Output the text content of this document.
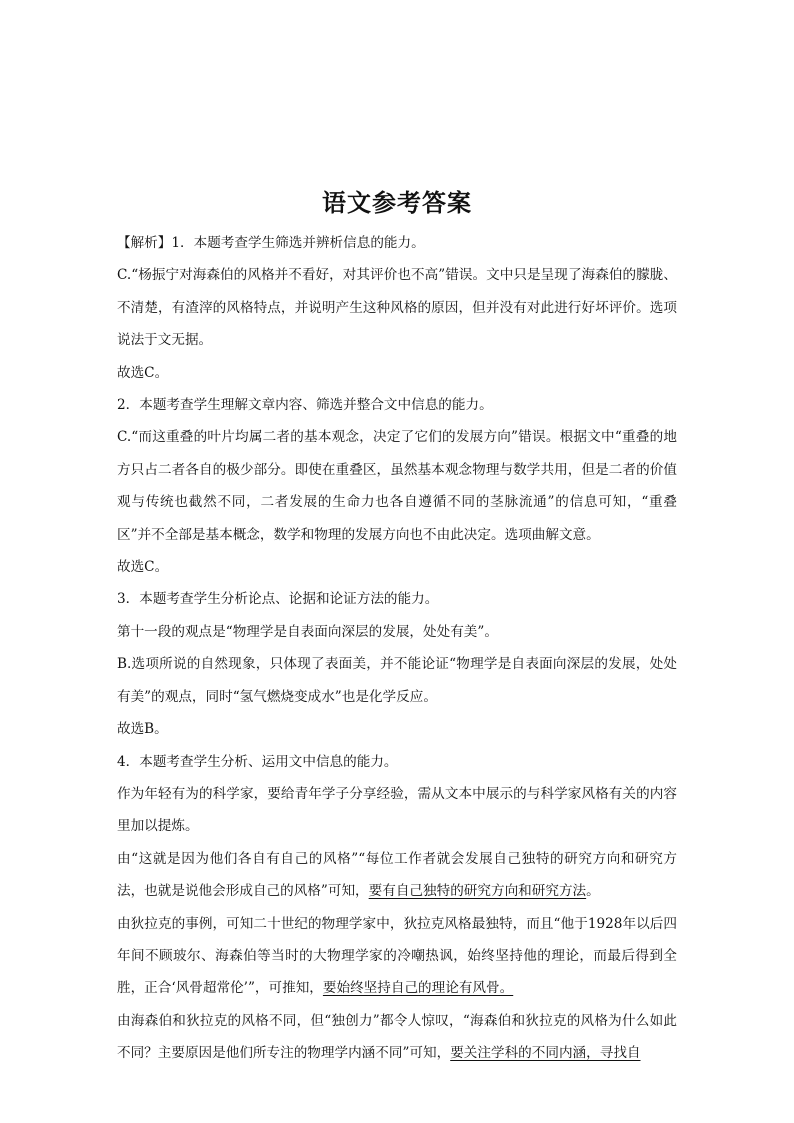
语文参考答案

【解析】1．本题考查学生筛选并辨析信息的能力。

C.“杨振宁对海森伯的风格并不看好，对其评价也不高”错误。文中只是呈现了海森伯的朦胧、不清楚，有渣滓的风格特点，并说明产生这种风格的原因，但并没有对此进行好坏评价。选项说法于文无据。

故选C。

2．本题考查学生理解文章内容、筛选并整合文中信息的能力。

C.“而这重叠的叶片均属二者的基本观念，决定了它们的发展方向”错误。根据文中“重叠的地方只占二者各自的极少部分。即使在重叠区，虽然基本观念物理与数学共用，但是二者的价值观与传统也截然不同，二者发展的生命力也各自遵循不同的茎脉流通”的信息可知，“重叠区”并不全部是基本概念，数学和物理的发展方向也不由此决定。选项曲解文意。

故选C。

3．本题考查学生分析论点、论据和论证方法的能力。

第十一段的观点是“物理学是自表面向深层的发展，处处有美”。

B.选项所说的自然现象，只体现了表面美，并不能论证“物理学是自表面向深层的发展，处处有美”的观点，同时“氢气燃烧变成水”也是化学反应。

故选B。

4．本题考查学生分析、运用文中信息的能力。

作为年轻有为的科学家，要给青年学子分享经验，需从文本中展示的与科学家风格有关的内容里加以提炼。

由“这就是因为他们各自有自己的风格”“每位工作者就会发展自己独特的研究方向和研究方法，也就是说他会形成自己的风格”可知，要有自己独特的研究方向和研究方法。

由狄拉克的事例，可知二十世纪的物理学家中，狄拉克风格最独特，而且“他于1928年以后四年间不顾玻尔、海森伯等当时的大物理学家的冷嘲热讽，始终坚持他的理论，而最后得到全胜，正合‘风骨超常伦’”，可推知，要始终坚持自己的理论有风骨。

由海森伯和狄拉克的风格不同，但“独创力”都令人惊叹，“海森伯和狄拉克的风格为什么如此不同？主要原因是他们所专注的物理学内涵不同”可知，要关注学科的不同内涵，寻找自
